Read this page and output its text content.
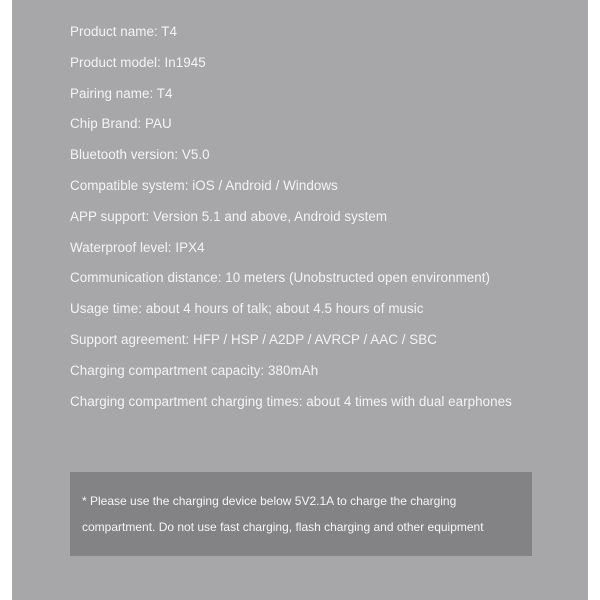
Product name: T4
Product model: In1945
Pairing name: T4
Chip Brand: PAU
Bluetooth version: V5.0
Compatible system: iOS / Android / Windows
APP support: Version 5.1 and above, Android system
Waterproof level: IPX4
Communication distance: 10 meters (Unobstructed open environment)
Usage time: about 4 hours of talk; about 4.5 hours of music
Support agreement: HFP / HSP / A2DP / AVRCP / AAC / SBC
Charging compartment capacity: 380mAh
Charging compartment charging times: about 4 times with dual earphones
* Please use the charging device below 5V2.1A to charge the charging
compartment. Do not use fast charging, flash charging and other equipment
